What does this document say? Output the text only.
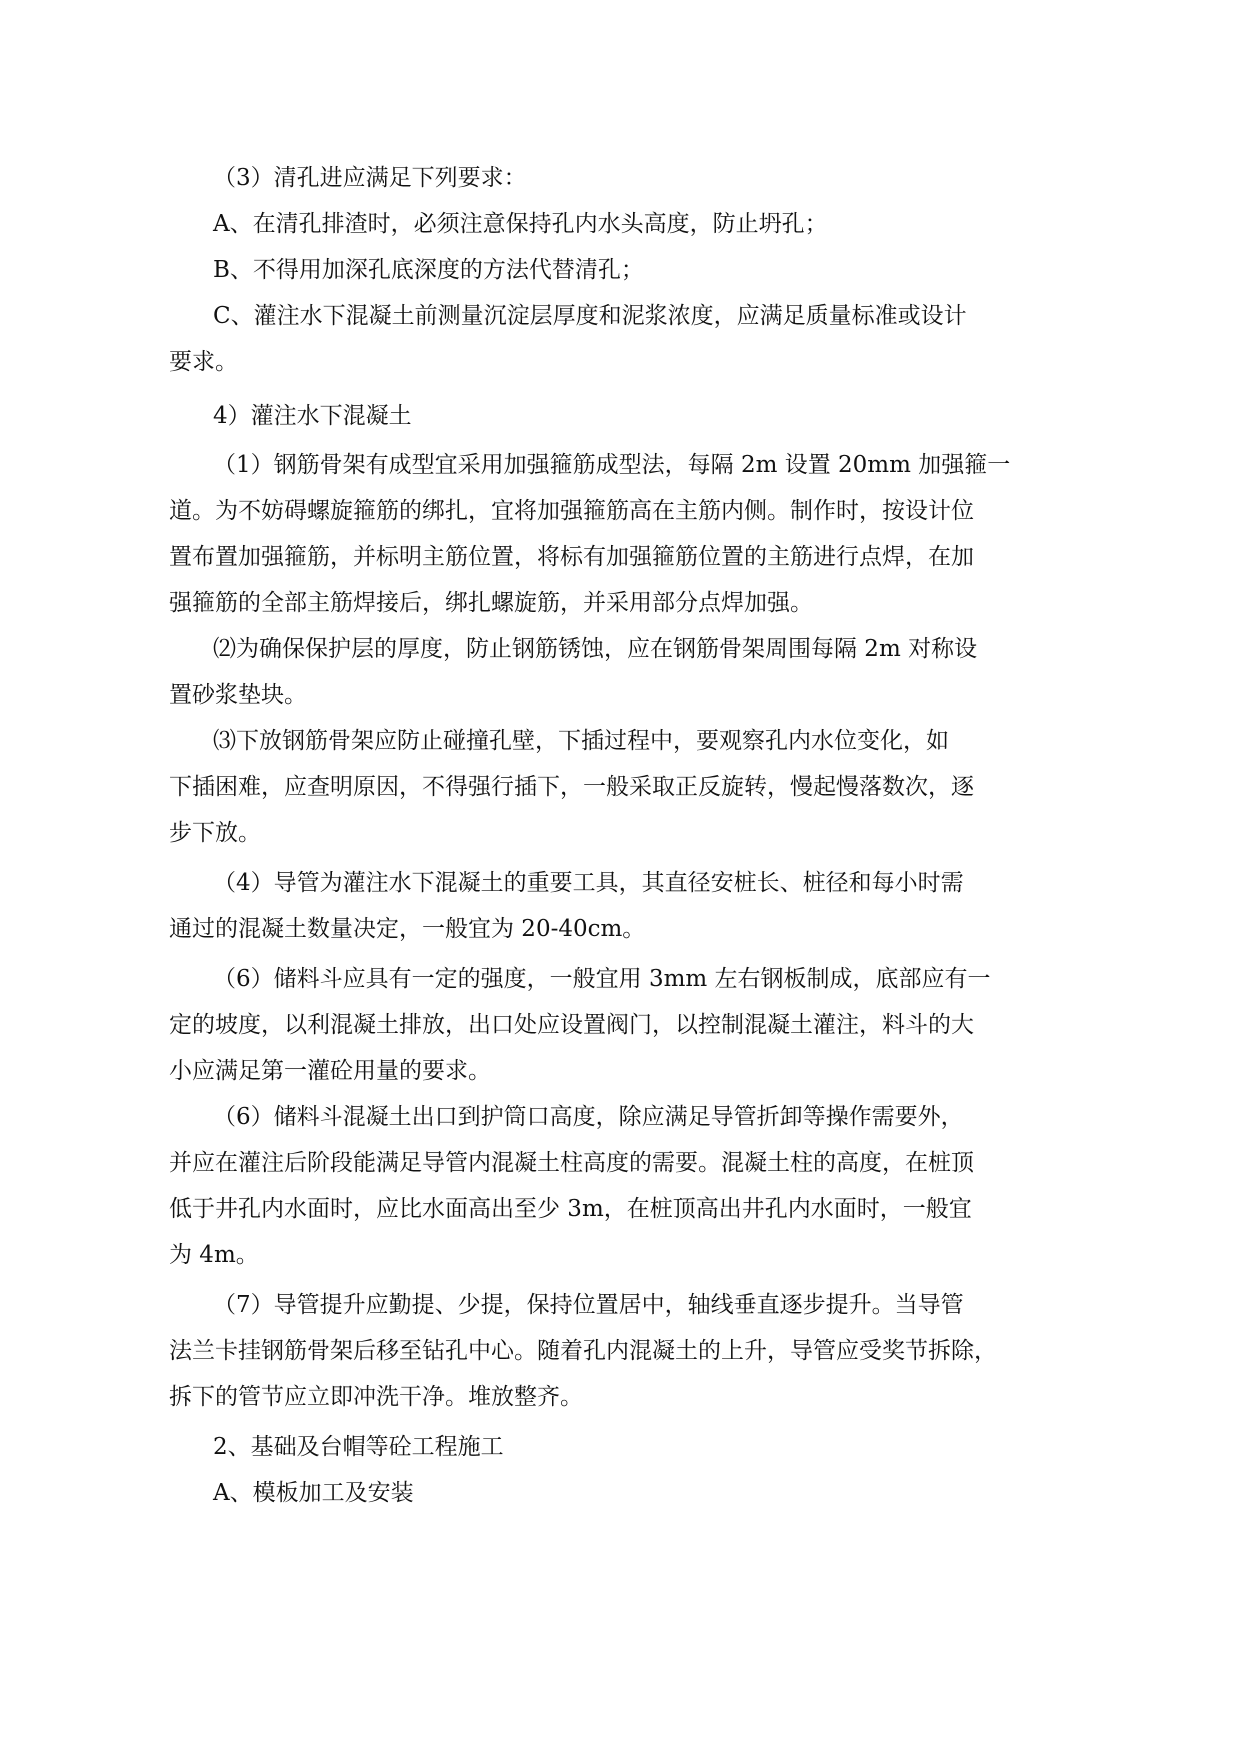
（3）清孔进应满足下列要求：

A、在清孔排渣时，必须注意保持孔内水头高度，防止坍孔；

B、不得用加深孔底深度的方法代替清孔；

C、灌注水下混凝土前测量沉淀层厚度和泥浆浓度，应满足质量标准或设计

要求。

4）灌注水下混凝土

（1）钢筋骨架有成型宜采用加强箍筋成型法，每隔 2m 设置 20mm 加强箍一

道。为不妨碍螺旋箍筋的绑扎，宜将加强箍筋高在主筋内侧。制作时，按设计位

置布置加强箍筋，并标明主筋位置，将标有加强箍筋位置的主筋进行点焊，在加

强箍筋的全部主筋焊接后，绑扎螺旋筋，并采用部分点焊加强。

⑵为确保保护层的厚度，防止钢筋锈蚀，应在钢筋骨架周围每隔 2m 对称设

置砂浆垫块。

⑶下放钢筋骨架应防止碰撞孔壁，下插过程中，要观察孔内水位变化，如

下插困难，应查明原因，不得强行插下，一般采取正反旋转，慢起慢落数次，逐

步下放。

（4）导管为灌注水下混凝土的重要工具，其直径安桩长、桩径和每小时需

通过的混凝土数量决定，一般宜为 20-40cm。

（6）储料斗应具有一定的强度，一般宜用 3mm 左右钢板制成，底部应有一

定的坡度，以利混凝土排放，出口处应设置阀门，以控制混凝土灌注，料斗的大

小应满足第一灌砼用量的要求。

（6）储料斗混凝土出口到护筒口高度，除应满足导管折卸等操作需要外，

并应在灌注后阶段能满足导管内混凝土柱高度的需要。混凝土柱的高度，在桩顶

低于井孔内水面时，应比水面高出至少 3m，在桩顶高出井孔内水面时，一般宜

为 4m。

（7）导管提升应勤提、少提，保持位置居中，轴线垂直逐步提升。当导管

法兰卡挂钢筋骨架后移至钻孔中心。随着孔内混凝土的上升，导管应受奖节拆除，

拆下的管节应立即冲洗干净。堆放整齐。

2、基础及台帽等砼工程施工

A、模板加工及安装
